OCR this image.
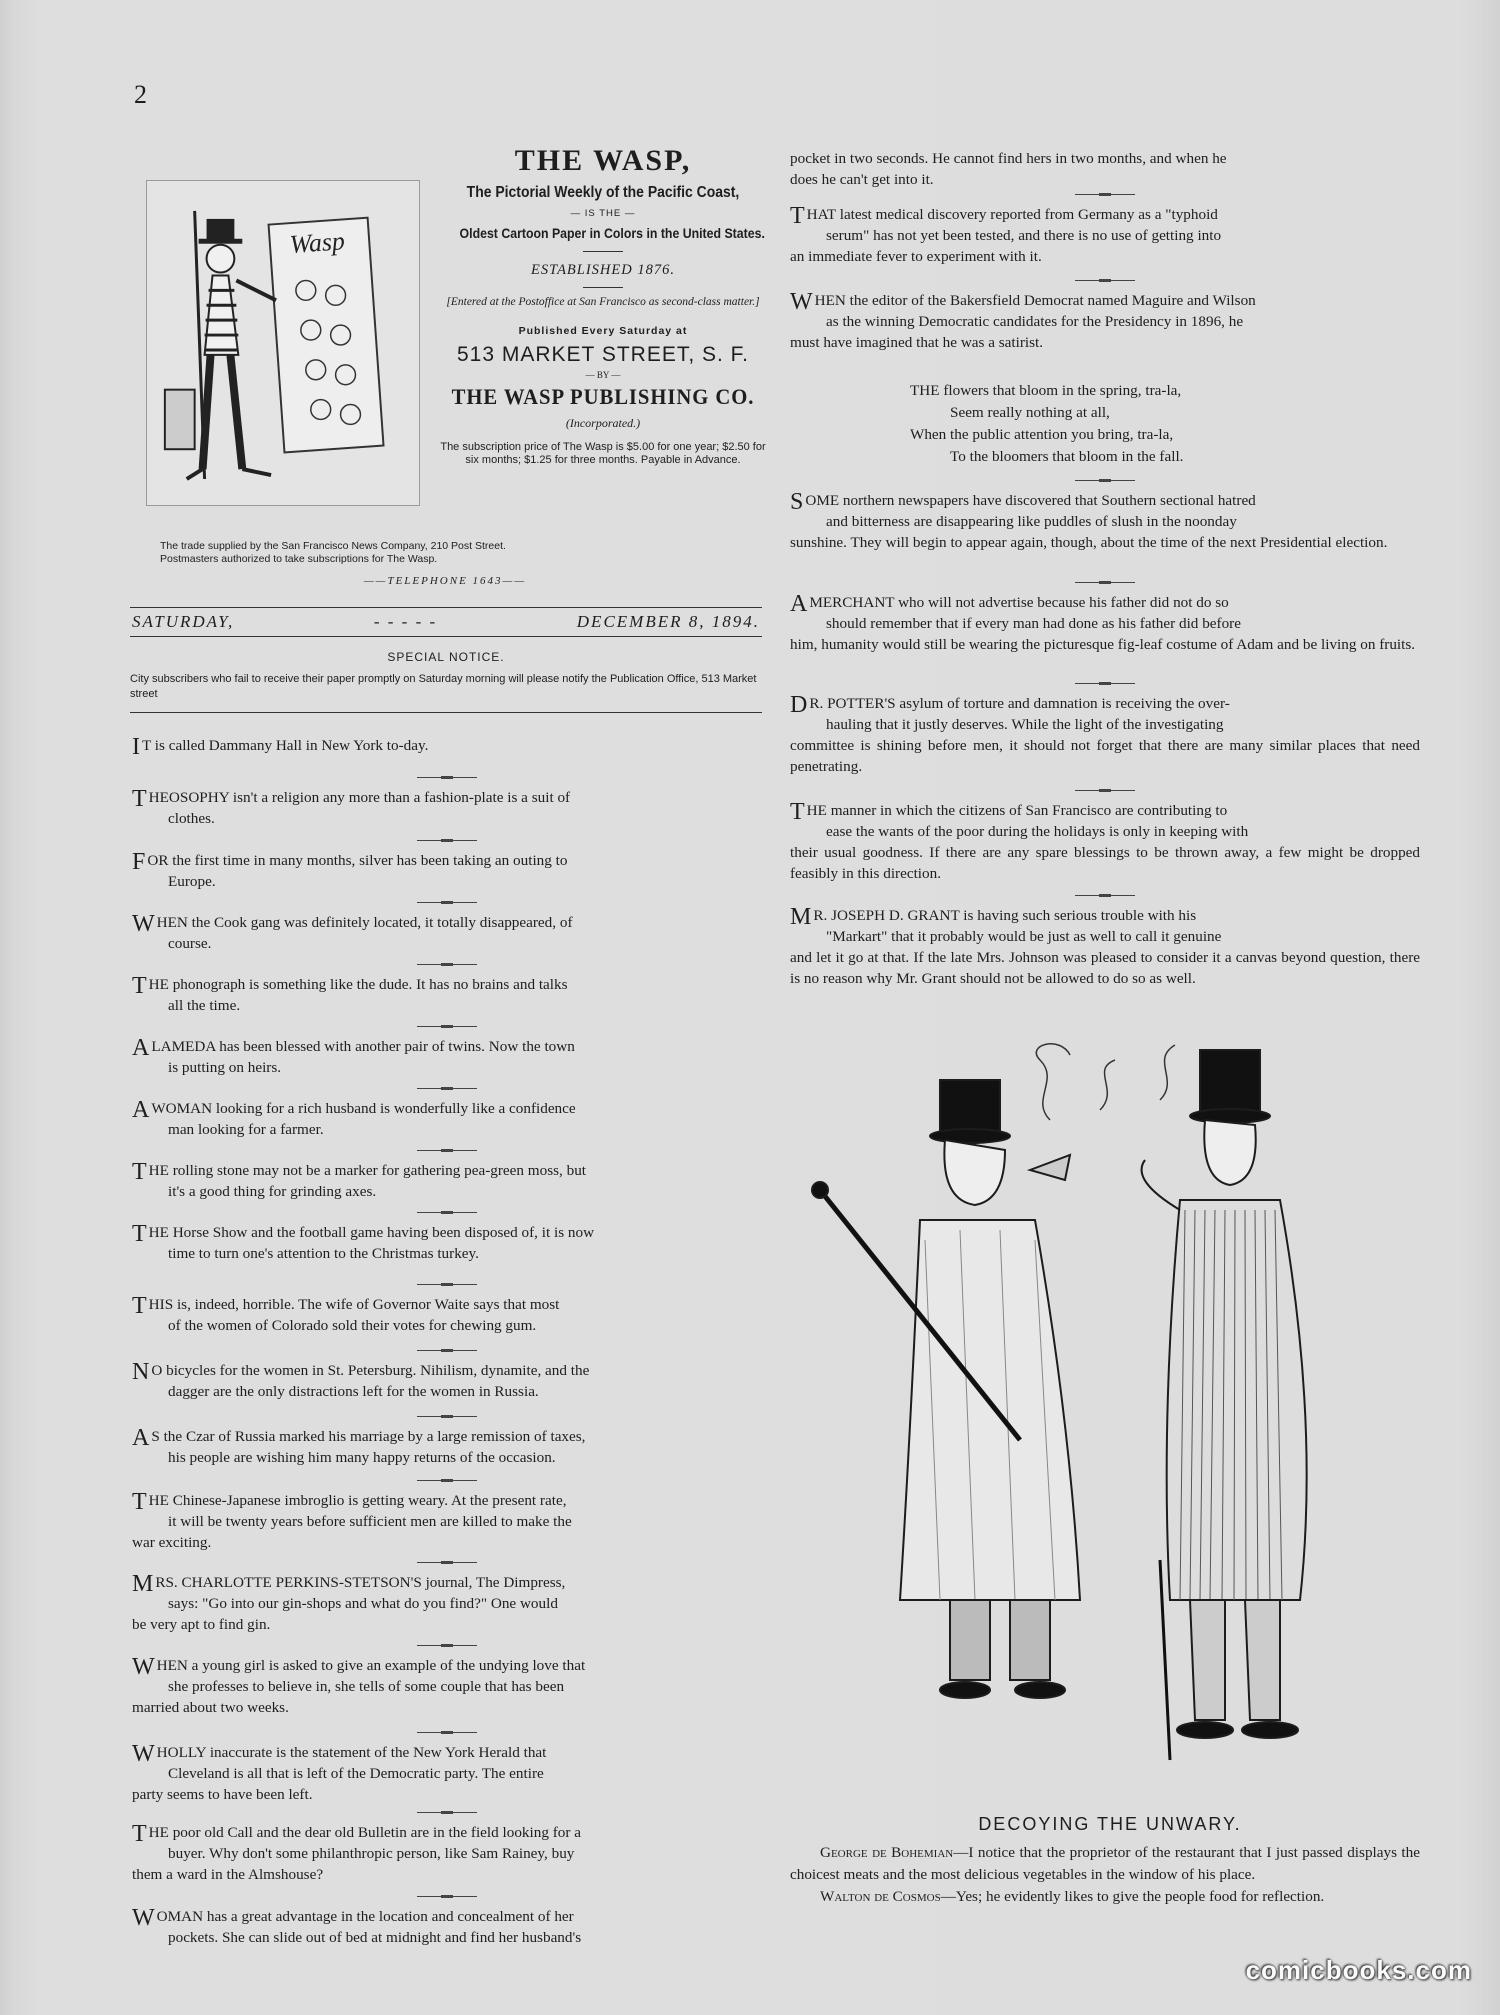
2
Wasp
THE WASP,
The Pictorial Weekly of the Pacific Coast,
— IS THE —
Oldest Cartoon Paper in Colors in the United States.
ESTABLISHED 1876.
[Entered at the Postoffice at San Francisco as second-class matter.]
Published Every Saturday at
513 MARKET STREET, S. F.
— BY —
THE WASP PUBLISHING CO.
(Incorporated.)
The subscription price of The Wasp is $5.00 for one year; $2.50 for six months; $1.25 for three months. Payable in Advance.
The trade supplied by the San Francisco News Company, 210 Post Street.
Postmasters authorized to take subscriptions for The Wasp.
——TELEPHONE 1643——
SATURDAY,	- - - - -	DECEMBER 8, 1894.
SPECIAL NOTICE.
City subscribers who fail to receive their paper promptly on Saturday morning will please notify the Publication Office, 513 Market street
I T is called Dammany Hall in New York to-day.
THEOSOPHY isn't a religion any more than a fashion-plate is a suit of
clothes.
FOR the first time in many months, silver has been taking an outing to
Europe.
WHEN the Cook gang was definitely located, it totally disappeared, of
course.
THE phonograph is something like the dude. It has no brains and talks
all the time.
ALAMEDA has been blessed with another pair of twins. Now the town
is putting on heirs.
A WOMAN looking for a rich husband is wonderfully like a confidence
man looking for a farmer.
THE rolling stone may not be a marker for gathering pea-green moss, but
it's a good thing for grinding axes.
THE Horse Show and the football game having been disposed of, it is now
time to turn one's attention to the Christmas turkey.
THIS is, indeed, horrible. The wife of Governor Waite says that most
of the women of Colorado sold their votes for chewing gum.
N O bicycles for the women in St. Petersburg. Nihilism, dynamite, and the
dagger are the only distractions left for the women in Russia.
A S the Czar of Russia marked his marriage by a large remission of taxes,
his people are wishing him many happy returns of the occasion.
THE Chinese-Japanese imbroglio is getting weary. At the present rate,
it will be twenty years before sufficient men are killed to make the
war exciting.
MRS. CHARLOTTE PERKINS-STETSON'S journal, The Dimpress,
says: "Go into our gin-shops and what do you find?" One would
be very apt to find gin.
WHEN a young girl is asked to give an example of the undying love that
she professes to believe in, she tells of some couple that has been
married about two weeks.
WHOLLY inaccurate is the statement of the New York Herald that
Cleveland is all that is left of the Democratic party. The entire
party seems to have been left.
THE poor old Call and the dear old Bulletin are in the field looking for a
buyer. Why don't some philanthropic person, like Sam Rainey, buy
them a ward in the Almshouse?
WOMAN has a great advantage in the location and concealment of her
pockets. She can slide out of bed at midnight and find her husband's
pocket in two seconds. He cannot find hers in two months, and when he
does he can't get into it.
THAT latest medical discovery reported from Germany as a "typhoid
serum" has not yet been tested, and there is no use of getting into
an immediate fever to experiment with it.
WHEN the editor of the Bakersfield Democrat named Maguire and Wilson
as the winning Democratic candidates for the Presidency in 1896, he
must have imagined that he was a satirist.
SOME northern newspapers have discovered that Southern sectional hatred
and bitterness are disappearing like puddles of slush in the noonday
sunshine. They will begin to appear again, though, about the time of the next Presidential election.
A MERCHANT who will not advertise because his father did not do so
should remember that if every man had done as his father did before
him, humanity would still be wearing the picturesque fig-leaf costume of Adam and be living on fruits.
D R. POTTER'S asylum of torture and damnation is receiving the over-
hauling that it justly deserves. While the light of the investigating
committee is shining before men, it should not forget that there are many similar places that need penetrating.
THE manner in which the citizens of San Francisco are contributing to
ease the wants of the poor during the holidays is only in keeping with
their usual goodness. If there are any spare blessings to be thrown away, a few might be dropped feasibly in this direction.
M R. JOSEPH D. GRANT is having such serious trouble with his
"Markart" that it probably would be just as well to call it genuine
and let it go at that. If the late Mrs. Johnson was pleased to consider it a canvas beyond question, there is no reason why Mr. Grant should not be allowed to do so as well.
THE flowers that bloom in the spring, tra-la,
Seem really nothing at all,
When the public attention you bring, tra-la,
To the bloomers that bloom in the fall.
DECOYING THE UNWARY.
George de Bohemian—I notice that the proprietor of the restaurant that I just passed displays the choicest meats and the most delicious vegetables in the window of his place.
Walton de Cosmos—Yes; he evidently likes to give the people food for reflection.
comicbooks.com
